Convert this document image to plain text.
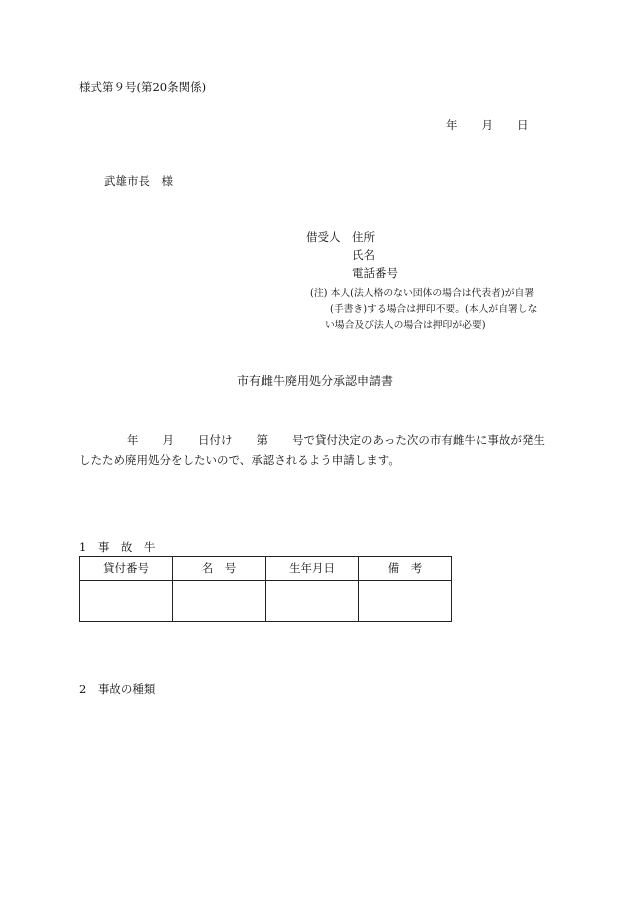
様式第９号(第20条関係)
年 月 日
武雄市長　様
借受人　 住所
氏名
電話番号
(注) 本人(法人格のない団体の場合は代表者)が自署
(手書き)する場合は押印不要。(本人が自署しな
い場合及び法人の場合は押印が必要)
市有雌牛廃用処分承認申請書
年 月 日付け 第 号で貸付決定のあった次の市有雌牛に事故が発生
したため廃用処分をしたいので、承認されるよう申請します。
1　事　故　牛
貸付番号	名　号	生年月日	備　考

2　事故の種類
